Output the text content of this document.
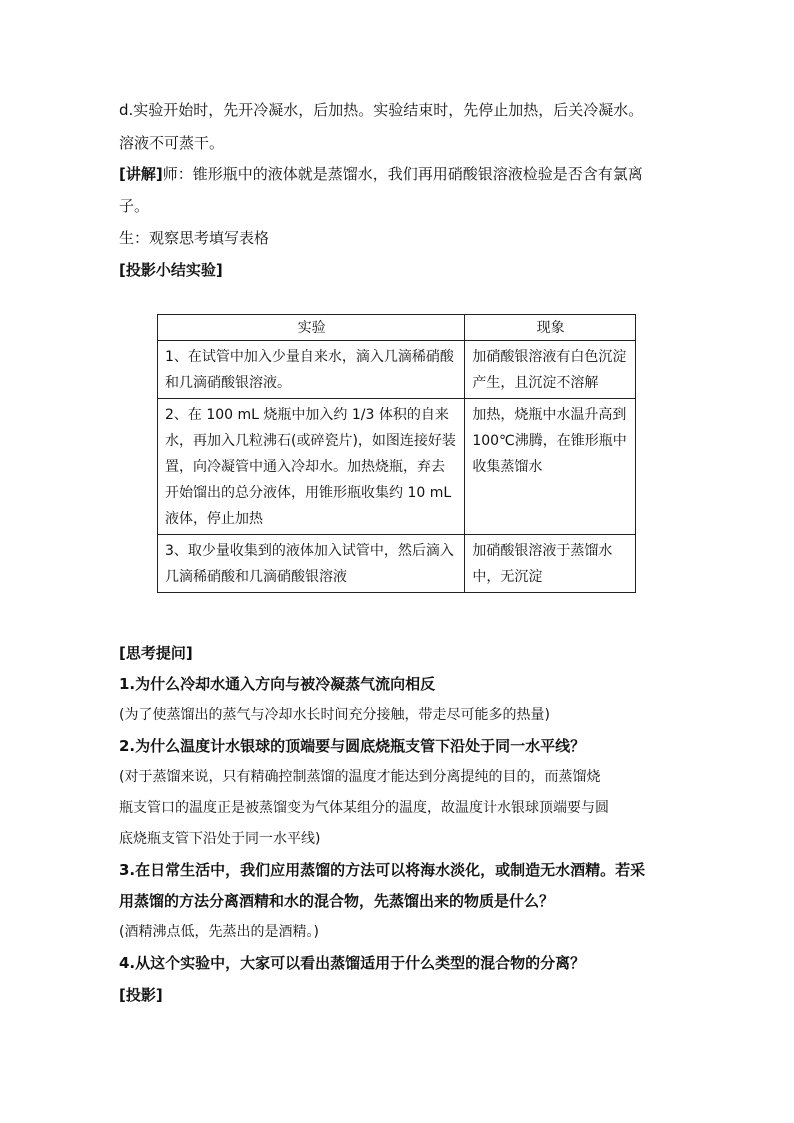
d.实验开始时，先开冷凝水，后加热。实验结束时，先停止加热，后关冷凝水。
溶液不可蒸干。
[讲解]师：锥形瓶中的液体就是蒸馏水，我们再用硝酸银溶液检验是否含有氯离
子。
生：观察思考填写表格
[投影小结实验]
实验	现象
1、在试管中加入少量自来水，滴入几滴稀硝酸和几滴硝酸银溶液。	加硝酸银溶液有白色沉淀产生，且沉淀不溶解
2、在 100 mL 烧瓶中加入约 1/3 体积的自来水，再加入几粒沸石(或碎瓷片)，如图连接好装置，向冷凝管中通入冷却水。加热烧瓶，弃去开始馏出的总分液体，用锥形瓶收集约 10 mL 液体，停止加热	加热，烧瓶中水温升高到 100℃沸腾，在锥形瓶中收集蒸馏水
3、取少量收集到的液体加入试管中，然后滴入几滴稀硝酸和几滴硝酸银溶液	加硝酸银溶液于蒸馏水中，无沉淀
[思考提问]
1.为什么冷却水通入方向与被冷凝蒸气流向相反
(为了使蒸馏出的蒸气与冷却水长时间充分接触，带走尽可能多的热量)
2.为什么温度计水银球的顶端要与圆底烧瓶支管下沿处于同一水平线？
(对于蒸馏来说，只有精确控制蒸馏的温度才能达到分离提纯的目的，而蒸馏烧
瓶支管口的温度正是被蒸馏变为气体某组分的温度，故温度计水银球顶端要与圆
底烧瓶支管下沿处于同一水平线)
3.在日常生活中，我们应用蒸馏的方法可以将海水淡化，或制造无水酒精。若采
用蒸馏的方法分离酒精和水的混合物，先蒸馏出来的物质是什么？
(酒精沸点低，先蒸出的是酒精。)
4.从这个实验中，大家可以看出蒸馏适用于什么类型的混合物的分离？
[投影]
